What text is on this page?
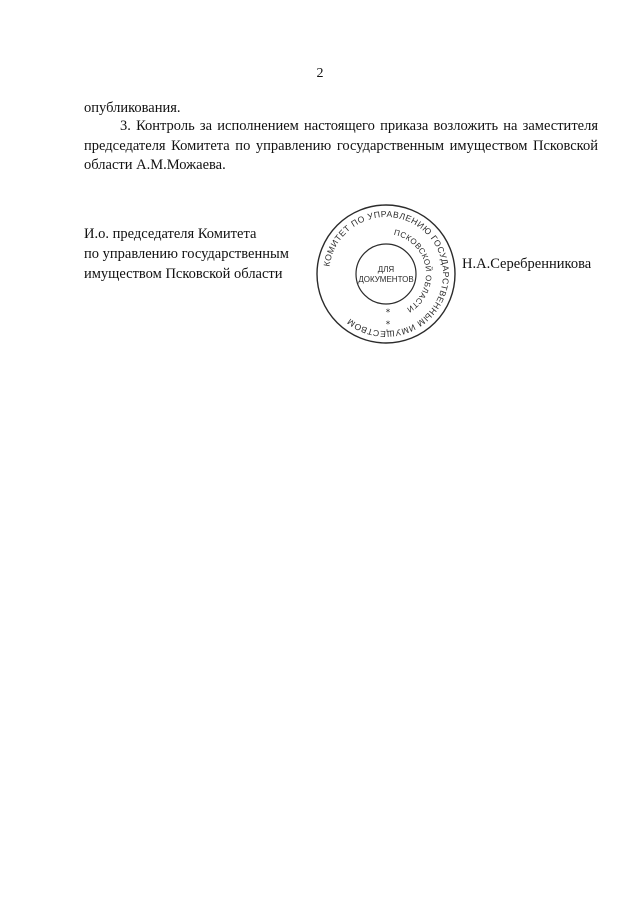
2
опубликования.
3. Контроль за исполнением настоящего приказа возложить на заместителя председателя Комитета по управлению государственным имуществом Псковской области А.М.Можаева.
И.о. председателя Комитета
по управлению государственным
имуществом Псковской области
Н.А.Серебренникова
КОМИТЕТ ПО УПРАВЛЕНИЮ ГОСУДАРСТВЕННЫМ ИМУЩЕСТВОМ
ПСКОВСКОЙ ОБЛАСТИ
ДЛЯ
ДОКУМЕНТОВ
*
*
